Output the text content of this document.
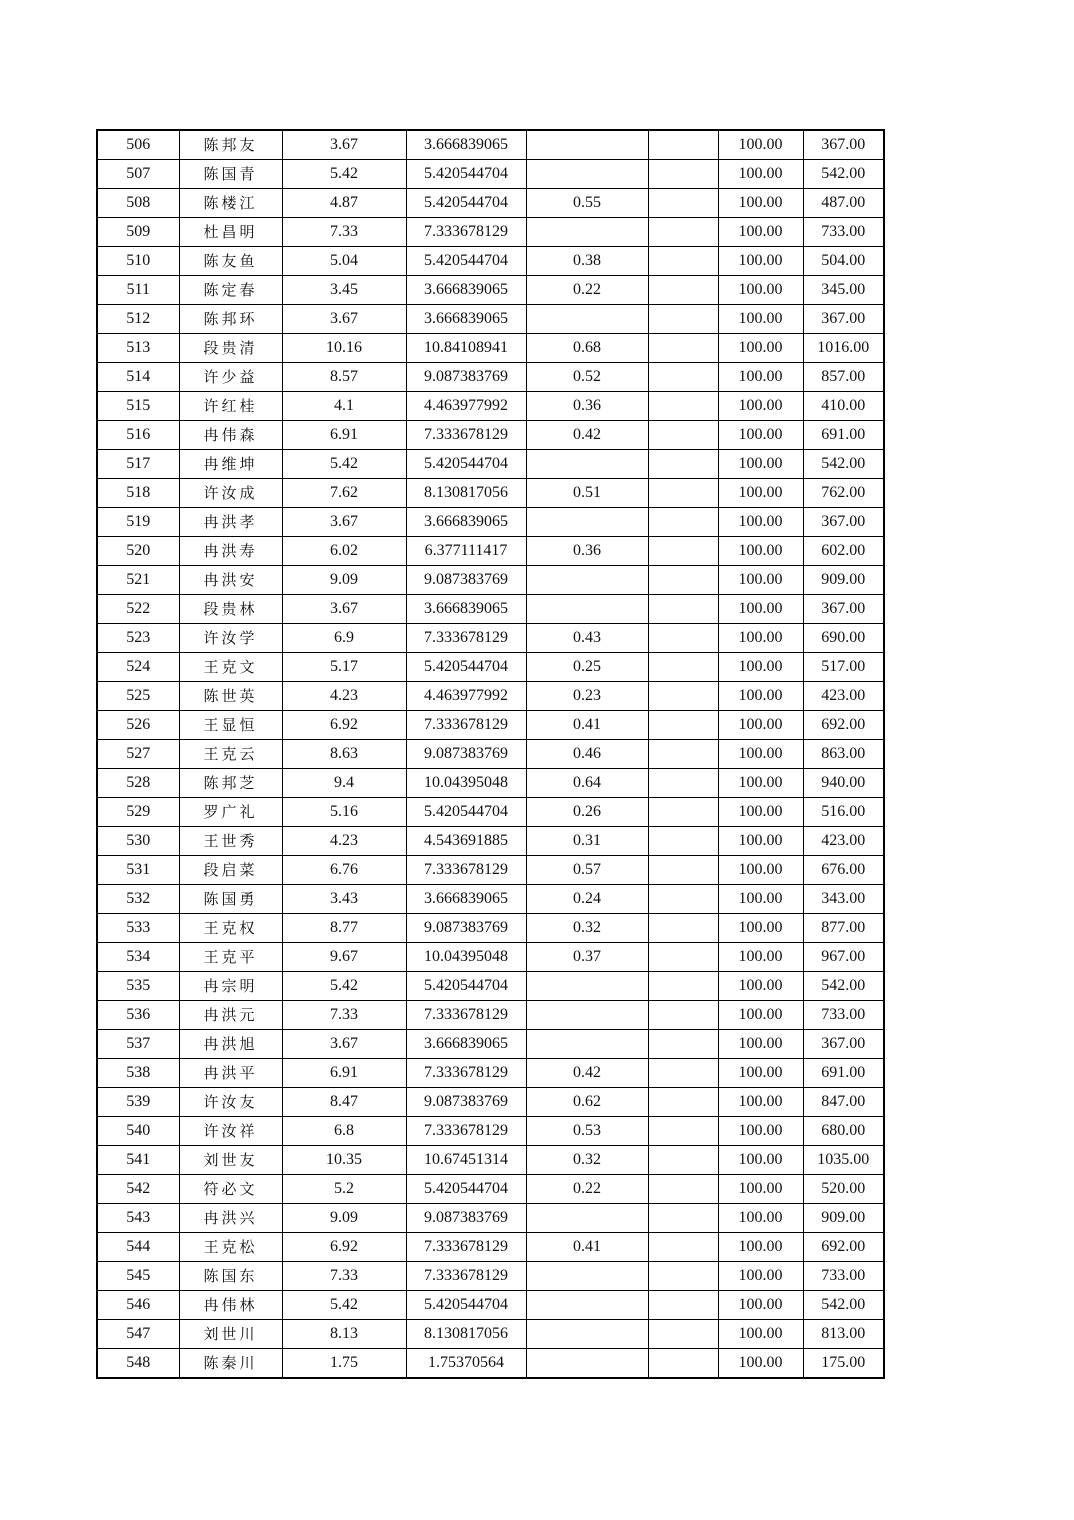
506	陈邦友	3.67	3.666839065			100.00	367.00
507	陈国青	5.42	5.420544704			100.00	542.00
508	陈楼江	4.87	5.420544704	0.55		100.00	487.00
509	杜昌明	7.33	7.333678129			100.00	733.00
510	陈友鱼	5.04	5.420544704	0.38		100.00	504.00
511	陈定春	3.45	3.666839065	0.22		100.00	345.00
512	陈邦环	3.67	3.666839065			100.00	367.00
513	段贵清	10.16	10.84108941	0.68		100.00	1016.00
514	许少益	8.57	9.087383769	0.52		100.00	857.00
515	许红桂	4.1	4.463977992	0.36		100.00	410.00
516	冉伟森	6.91	7.333678129	0.42		100.00	691.00
517	冉维坤	5.42	5.420544704			100.00	542.00
518	许汝成	7.62	8.130817056	0.51		100.00	762.00
519	冉洪孝	3.67	3.666839065			100.00	367.00
520	冉洪寿	6.02	6.377111417	0.36		100.00	602.00
521	冉洪安	9.09	9.087383769			100.00	909.00
522	段贵林	3.67	3.666839065			100.00	367.00
523	许汝学	6.9	7.333678129	0.43		100.00	690.00
524	王克文	5.17	5.420544704	0.25		100.00	517.00
525	陈世英	4.23	4.463977992	0.23		100.00	423.00
526	王显恒	6.92	7.333678129	0.41		100.00	692.00
527	王克云	8.63	9.087383769	0.46		100.00	863.00
528	陈邦芝	9.4	10.04395048	0.64		100.00	940.00
529	罗广礼	5.16	5.420544704	0.26		100.00	516.00
530	王世秀	4.23	4.543691885	0.31		100.00	423.00
531	段启菜	6.76	7.333678129	0.57		100.00	676.00
532	陈国勇	3.43	3.666839065	0.24		100.00	343.00
533	王克权	8.77	9.087383769	0.32		100.00	877.00
534	王克平	9.67	10.04395048	0.37		100.00	967.00
535	冉宗明	5.42	5.420544704			100.00	542.00
536	冉洪元	7.33	7.333678129			100.00	733.00
537	冉洪旭	3.67	3.666839065			100.00	367.00
538	冉洪平	6.91	7.333678129	0.42		100.00	691.00
539	许汝友	8.47	9.087383769	0.62		100.00	847.00
540	许汝祥	6.8	7.333678129	0.53		100.00	680.00
541	刘世友	10.35	10.67451314	0.32		100.00	1035.00
542	符必文	5.2	5.420544704	0.22		100.00	520.00
543	冉洪兴	9.09	9.087383769			100.00	909.00
544	王克松	6.92	7.333678129	0.41		100.00	692.00
545	陈国东	7.33	7.333678129			100.00	733.00
546	冉伟林	5.42	5.420544704			100.00	542.00
547	刘世川	8.13	8.130817056			100.00	813.00
548	陈秦川	1.75	1.75370564			100.00	175.00
